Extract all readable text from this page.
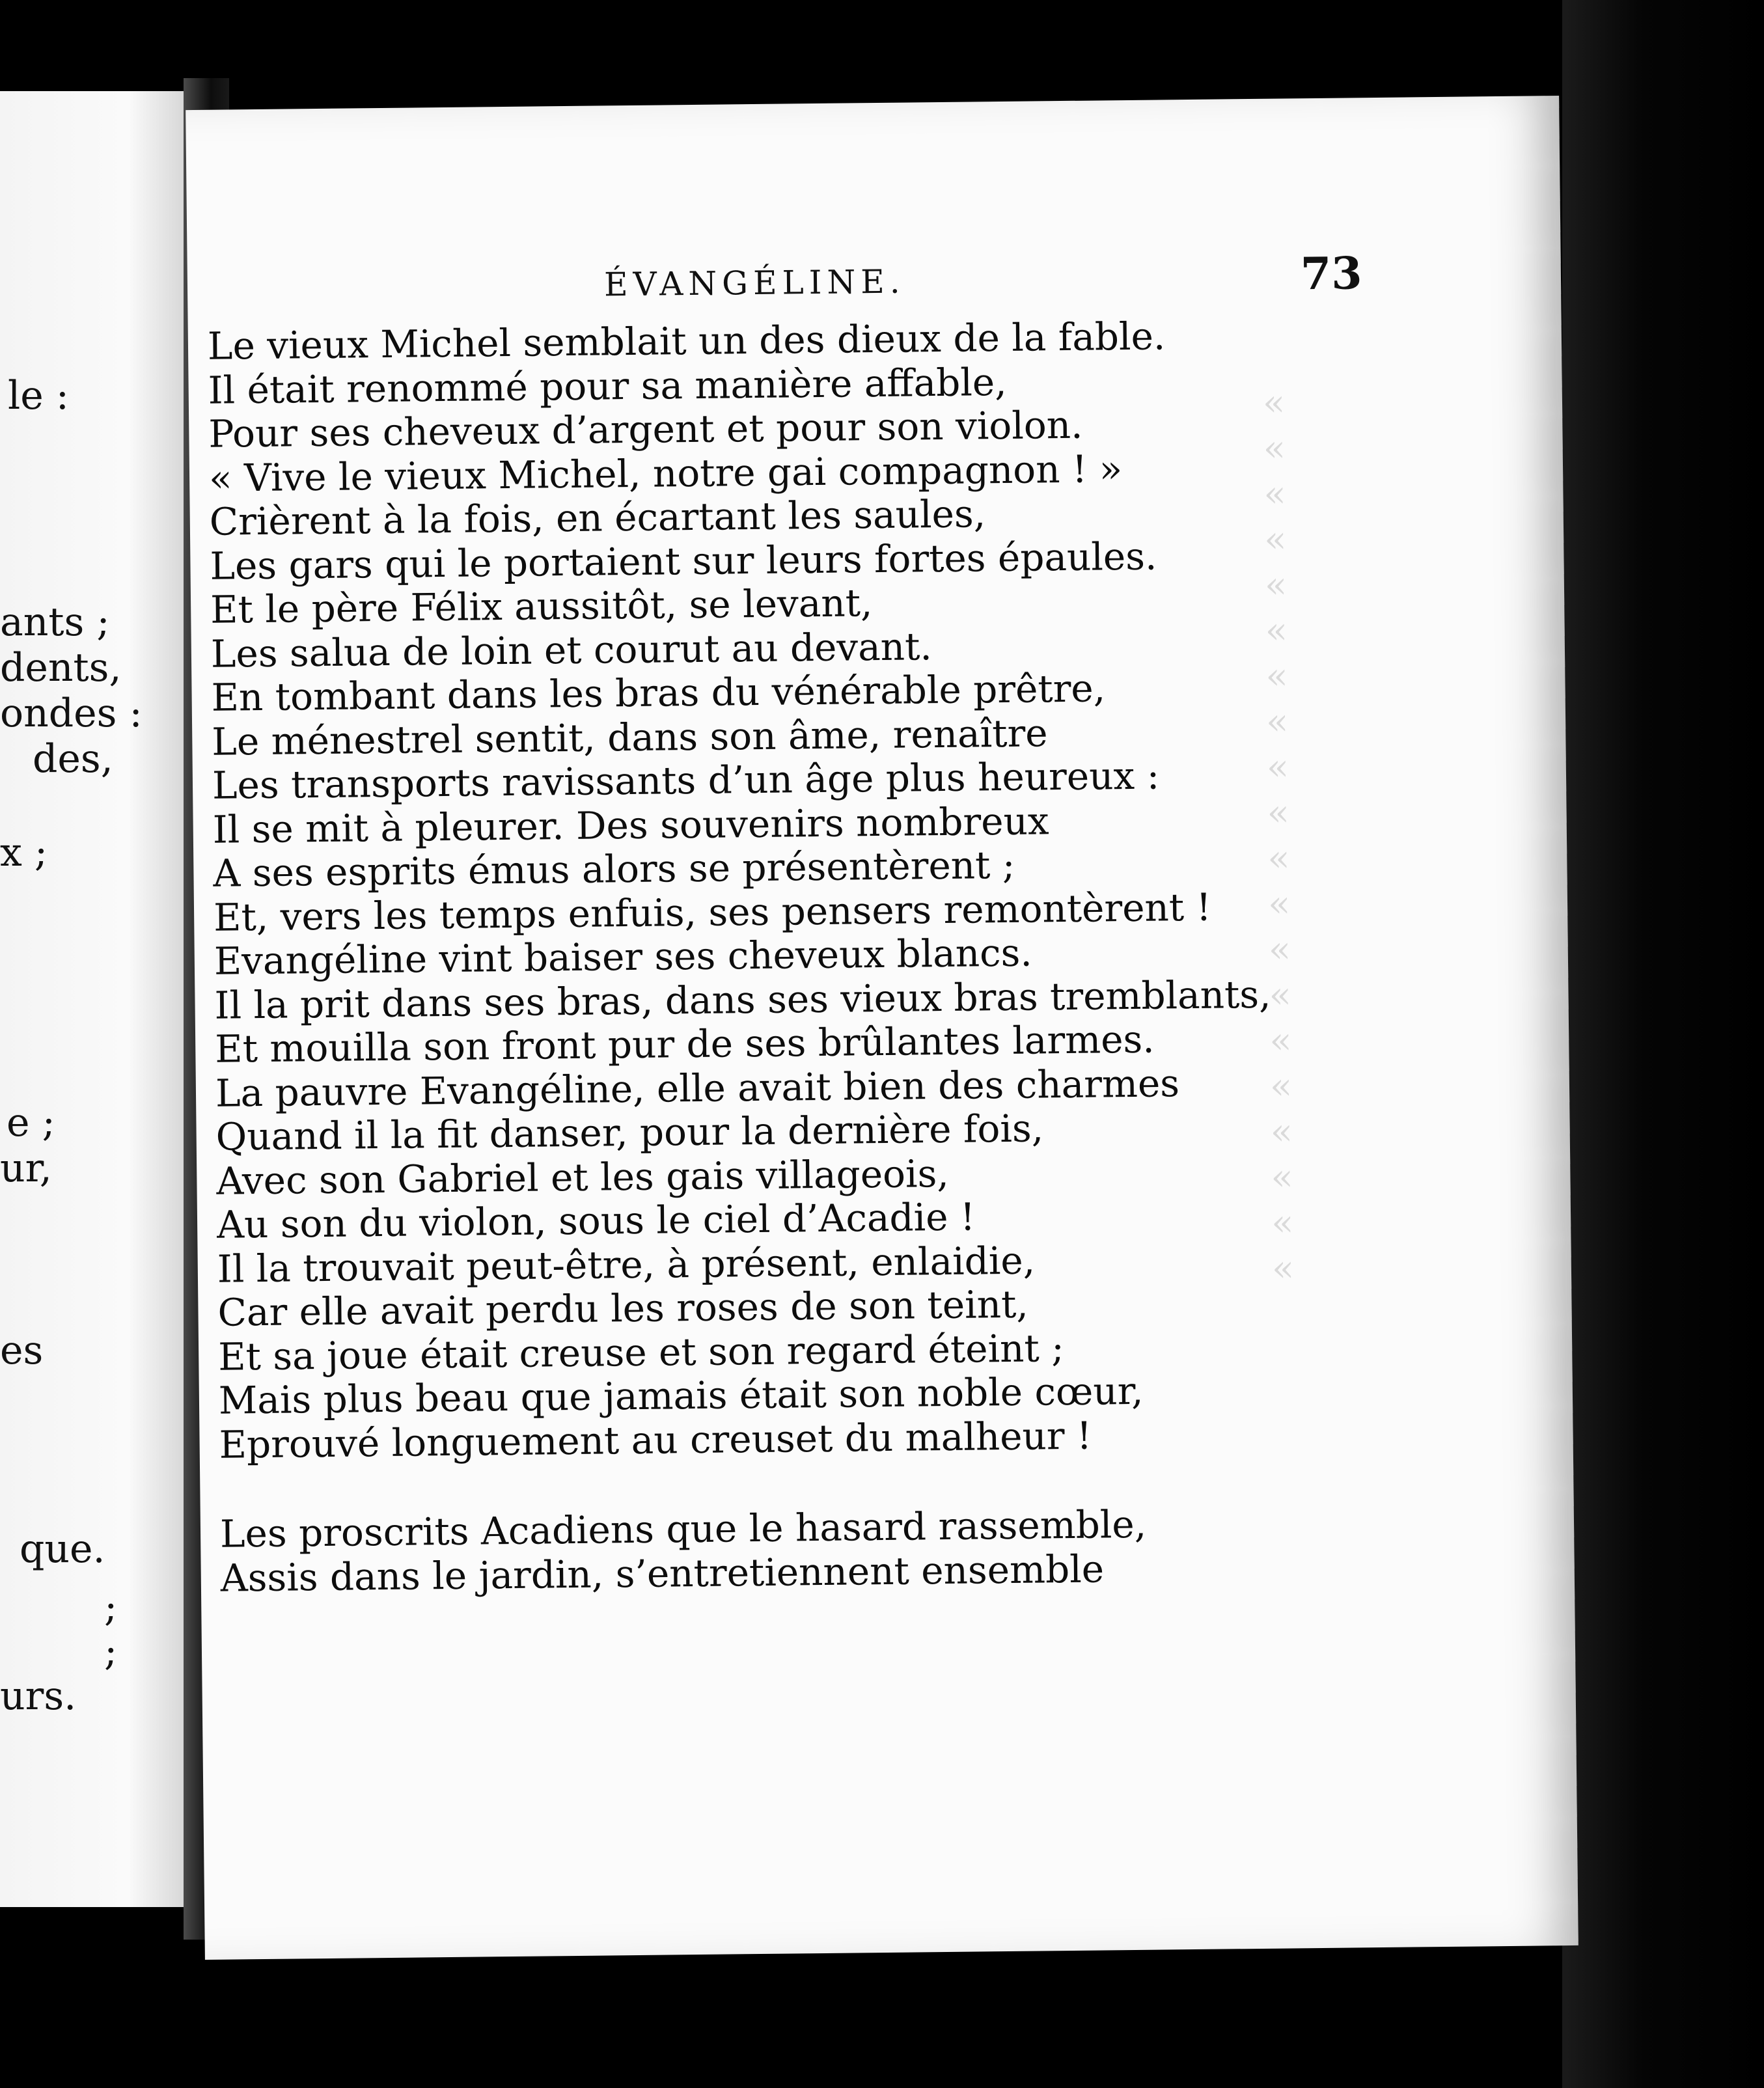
le :
ants ;
dents,
ondes :
des,
x ;
e ;
ur,
es
que.
;
;
urs.
«
«
«
«
«
«
«
«
«
«
«
«
«
«
«
«
«
«
«
«
ÉVANGÉLINE.	73
Le vieux Michel semblait un des dieux de la fable.
Il était renommé pour sa manière affable,
Pour ses cheveux d’argent et pour son violon.
« Vive le vieux Michel, notre gai compagnon ! »
Crièrent à la fois, en écartant les saules,
Les gars qui le portaient sur leurs fortes épaules.
Et le père Félix aussitôt, se levant,
Les salua de loin et courut au devant.
En tombant dans les bras du vénérable prêtre,
Le ménestrel sentit, dans son âme, renaître
Les transports ravissants d’un âge plus heureux :
Il se mit à pleurer. Des souvenirs nombreux
A ses esprits émus alors se présentèrent ;
Et, vers les temps enfuis, ses pensers remontèrent !
Evangéline vint baiser ses cheveux blancs.
Il la prit dans ses bras, dans ses vieux bras tremblants,
Et mouilla son front pur de ses brûlantes larmes.
La pauvre Evangéline, elle avait bien des charmes
Quand il la fit danser, pour la dernière fois,
Avec son Gabriel et les gais villageois,
Au son du violon, sous le ciel d’Acadie !
Il la trouvait peut-être, à présent, enlaidie,
Car elle avait perdu les roses de son teint,
Et sa joue était creuse et son regard éteint ;
Mais plus beau que jamais était son noble cœur,
Eprouvé longuement au creuset du malheur !
Les proscrits Acadiens que le hasard rassemble,
Assis dans le jardin, s’entretiennent ensemble
